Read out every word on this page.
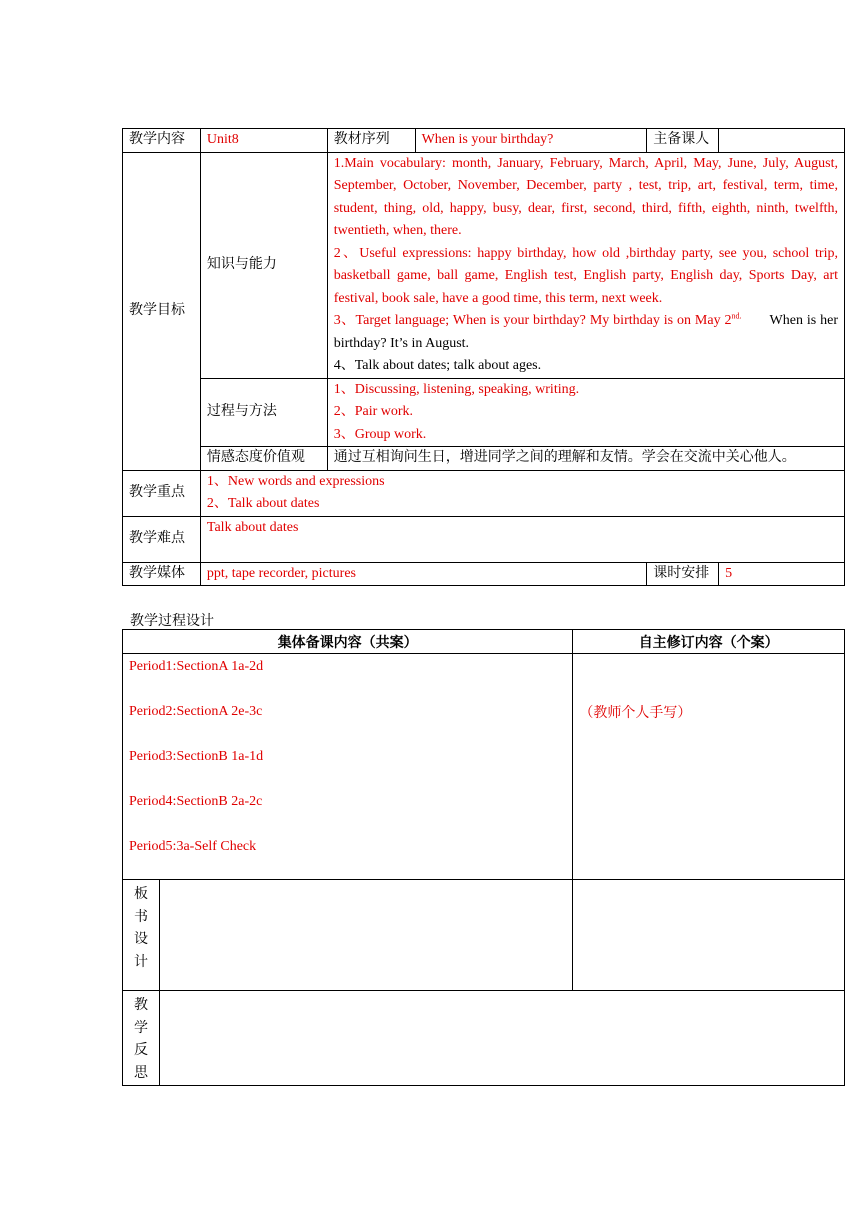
教学内容	Unit8	教材序列	When is your birthday?	主备课人	
教学目标	知识与能力	1.Main vocabulary: month, January, February, March, April, May, June, July, August, September, October, November, December, party , test, trip, art, festival, term, time, student, thing, old, happy, busy, dear, first, second, third, fifth, eighth, ninth, twelfth, twentieth, when, there.
2、Useful expressions: happy birthday, how old ,birthday party, see you, school trip, basketball game, ball game, English test, English party, English day, Sports Day, art festival, book sale, have a good time, this term, next week.
3、Target language; When is your birthday? My birthday is on May $2^{nd.}$ When is her birthday? It’s in August.
4、Talk about dates; talk about ages.			

	过程与方法	1、Discussing, listening, speaking, writing.
2、Pair work.
3、Group work.			

	情感态度价值观	通过互相询问生日，增进同学之间的理解和友情。学会在交流中关心他人。			
教学重点	1、New words and expressions
2、Talk about dates				

教学难点	Talk about dates				
教学媒体	ppt, tape recorder, pictures			课时安排	5
教学过程设计
集体备课内容（共案）		自主修订内容（个案）

Period1:SectionA 1a-2d

Period2:SectionA 2e-3c

Period3:SectionB 1a-1d

Period4:SectionB 2a-2c

Period5:3a-Self Check		（教师个人手写）

板
书
设
计		

教
学
反
思		
